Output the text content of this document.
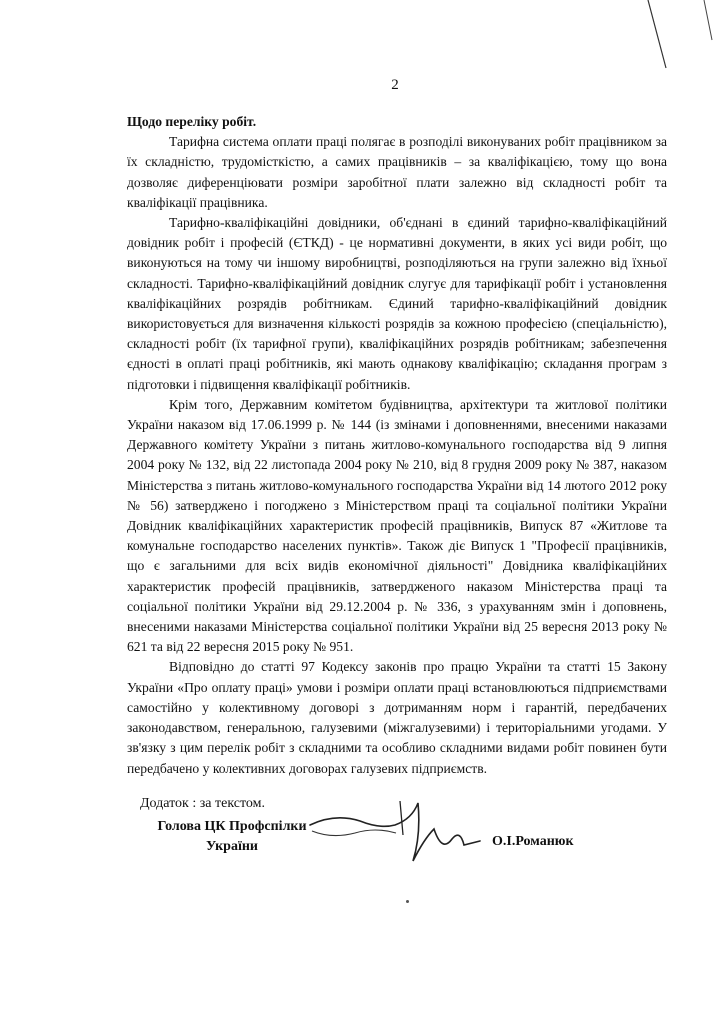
2

Щодо переліку робіт.

Тарифна система оплати праці полягає в розподілі виконуваних робіт працівником за їх складністю, трудомісткістю, а самих працівників – за кваліфікацією, тому що вона дозволяє диференціювати розміри заробітної плати залежно від складності робіт та кваліфікації працівника.

Тарифно-кваліфікаційні довідники, об'єднані в єдиний тарифно-кваліфікаційний довідник робіт і професій (ЄТКД) - це нормативні документи, в яких усі види робіт, що виконуються на тому чи іншому виробництві, розподіляються на групи залежно від їхньої складності. Тарифно-кваліфікаційний довідник слугує для тарифікації робіт і установлення кваліфікаційних розрядів робітникам. Єдиний тарифно-кваліфікаційний довідник використовується для визначення кількості розрядів за кожною професією (спеціальністю), складності робіт (їх тарифної групи), кваліфікаційних розрядів робітникам; забезпечення єдності в оплаті праці робітників, які мають однакову кваліфікацію; складання програм з підготовки і підвищення кваліфікації робітників.

Крім того, Державним комітетом будівництва, архітектури та житлової політики України наказом від 17.06.1999 р. № 144 (із змінами і доповненнями, внесеними наказами Державного комітету України з питань житлово-комунального господарства від 9 липня 2004 року № 132, від 22 листопада 2004 року № 210, від 8 грудня 2009 року № 387, наказом Міністерства з питань житлово-комунального господарства України від 14 лютого 2012 року № 56) затверджено і погоджено з Міністерством праці та соціальної політики України Довідник кваліфікаційних характеристик професій працівників, Випуск 87 «Житлове та комунальне господарство населених пунктів». Також діє Випуск 1 "Професії працівників, що є загальними для всіх видів економічної діяльності" Довідника кваліфікаційних характеристик професій працівників, затвердженого наказом Міністерства праці та соціальної політики України від 29.12.2004 р. № 336, з урахуванням змін і доповнень, внесеними наказами Міністерства соціальної політики України від 25 вересня 2013 року № 621 та від 22 вересня 2015 року № 951.

Відповідно до статті 97 Кодексу законів про працю України та статті 15 Закону України «Про оплату праці» умови і розміри оплати праці встановлюються підприємствами самостійно у колективному договорі з дотриманням норм і гарантій, передбачених законодавством, генеральною, галузевими (міжгалузевими) і територіальними угодами. У зв'язку з цим перелік робіт з складними та особливо складними видами робіт повинен бути передбачено у колективних договорах галузевих підприємств.

Додаток : за текстом.
Голова ЦК Профспілки
України	О.І.Романюк
